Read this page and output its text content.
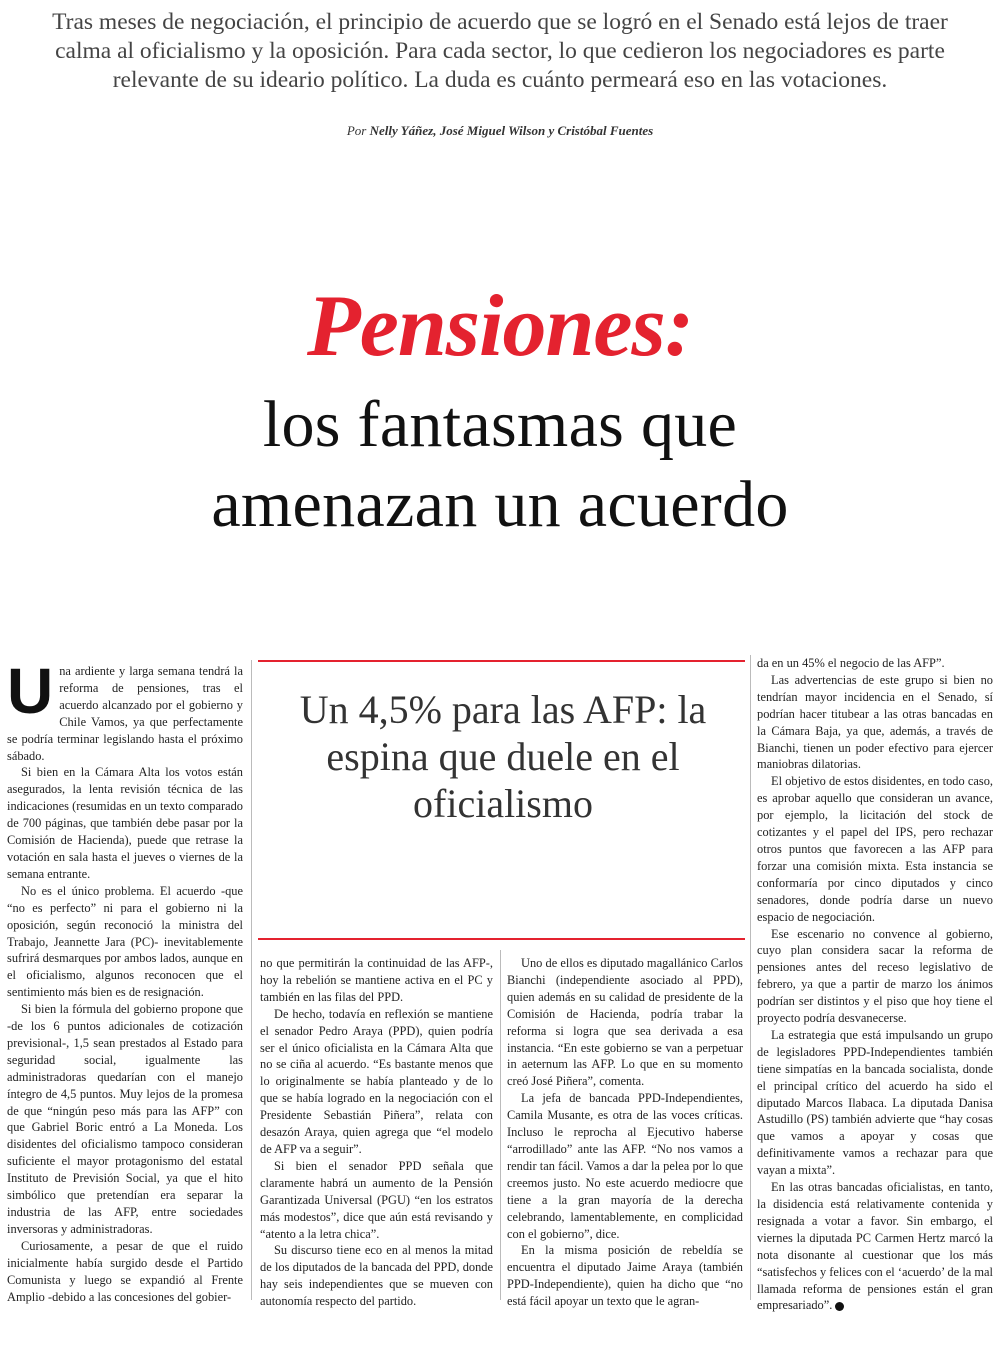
Tras meses de negociación, el principio de acuerdo que se logró en el Senado está lejos de traer calma al oficialismo y la oposición. Para cada sector, lo que cedieron los negociadores es parte relevante de su ideario político. La duda es cuánto permeará eso en las votaciones.
Por Nelly Yáñez, José Miguel Wilson y Cristóbal Fuentes
Pensiones:
los fantasmas que
amenazan un acuerdo

Una ardiente y larga semana tendrá la reforma de pensiones, tras el acuerdo alcanzado por el gobierno y Chile Vamos, ya que perfectamente se podría terminar legislando hasta el próximo sábado.

Si bien en la Cámara Alta los votos están asegurados, la lenta revisión técnica de las indicaciones (resumidas en un texto comparado de 700 páginas, que también debe pasar por la Comisión de Hacienda), puede que retrase la votación en sala hasta el jueves o viernes de la semana entrante.

No es el único problema. El acuerdo -que “no es perfecto” ni para el gobierno ni la oposición, según reconoció la ministra del Trabajo, Jeannette Jara (PC)- inevitablemente sufrirá desmarques por ambos lados, aunque en el oficialismo, algunos reconocen que el sentimiento más bien es de resignación.

Si bien la fórmula del gobierno propone que -de los 6 puntos adicionales de cotización previsional-, 1,5 sean prestados al Estado para seguridad social, igualmente las administradoras quedarían con el manejo íntegro de 4,5 puntos. Muy lejos de la promesa de que “ningún peso más para las AFP” con que Gabriel Boric entró a La Moneda. Los disidentes del oficialismo tampoco consideran suficiente el mayor protagonismo del estatal Instituto de Previsión Social, ya que el hito simbólico que pretendían era separar la industria de las AFP, entre sociedades inversoras y administradoras.

Curiosamente, a pesar de que el ruido inicialmente había surgido desde el Partido Comunista y luego se expandió al Frente Amplio -debido a las concesiones del gobier-

Un 4,5% para las AFP: la espina que duele en el oficialismo

no que permitirán la continuidad de las AFP-, hoy la rebelión se mantiene activa en el PC y también en las filas del PPD.

De hecho, todavía en reflexión se mantiene el senador Pedro Araya (PPD), quien podría ser el único oficialista en la Cámara Alta que no se ciña al acuerdo. “Es bastante menos que lo originalmente se había planteado y de lo que se había logrado en la negociación con el Presidente Sebastián Piñera”, relata con desazón Araya, quien agrega que “el modelo de AFP va a seguir”.

Si bien el senador PPD señala que claramente habrá un aumento de la Pensión Garantizada Universal (PGU) “en los estratos más modestos”, dice que aún está revisando y “atento a la letra chica”.

Su discurso tiene eco en al menos la mitad de los diputados de la bancada del PPD, donde hay seis independientes que se mueven con autonomía respecto del partido.

Uno de ellos es diputado magallánico Carlos Bianchi (independiente asociado al PPD), quien además en su calidad de presidente de la Comisión de Hacienda, podría trabar la reforma si logra que sea derivada a esa instancia. “En este gobierno se van a perpetuar in aeternum las AFP. Lo que en su momento creó José Piñera”, comenta.

La jefa de bancada PPD-Independientes, Camila Musante, es otra de las voces críticas. Incluso le reprocha al Ejecutivo haberse “arrodillado” ante las AFP. “No nos vamos a rendir tan fácil. Vamos a dar la pelea por lo que creemos justo. No este acuerdo mediocre que tiene a la gran mayoría de la derecha celebrando, lamentablemente, en complicidad con el gobierno”, dice.

En la misma posición de rebeldía se encuentra el diputado Jaime Araya (también PPD-Independiente), quien ha dicho que “no está fácil apoyar un texto que le agran-

da en un 45% el negocio de las AFP”.

Las advertencias de este grupo si bien no tendrían mayor incidencia en el Senado, sí podrían hacer titubear a las otras bancadas en la Cámara Baja, ya que, además, a través de Bianchi, tienen un poder efectivo para ejercer maniobras dilatorias.

El objetivo de estos disidentes, en todo caso, es aprobar aquello que consideran un avance, por ejemplo, la licitación del stock de cotizantes y el papel del IPS, pero rechazar otros puntos que favorecen a las AFP para forzar una comisión mixta. Esta instancia se conformaría por cinco diputados y cinco senadores, donde podría darse un nuevo espacio de negociación.

Ese escenario no convence al gobierno, cuyo plan considera sacar la reforma de pensiones antes del receso legislativo de febrero, ya que a partir de marzo los ánimos podrían ser distintos y el piso que hoy tiene el proyecto podría desvanecerse.

La estrategia que está impulsando un grupo de legisladores PPD-Independientes también tiene simpatías en la bancada socialista, donde el principal crítico del acuerdo ha sido el diputado Marcos Ilabaca. La diputada Danisa Astudillo (PS) también advierte que “hay cosas que vamos a apoyar y cosas que definitivamente vamos a rechazar para que vayan a mixta”.

En las otras bancadas oficialistas, en tanto, la disidencia está relativamente contenida y resignada a votar a favor. Sin embargo, el viernes la diputada PC Carmen Hertz marcó la nota disonante al cuestionar que los más “satisfechos y felices con el ‘acuerdo’ de la mal llamada reforma de pensiones están el gran empresariado”.
